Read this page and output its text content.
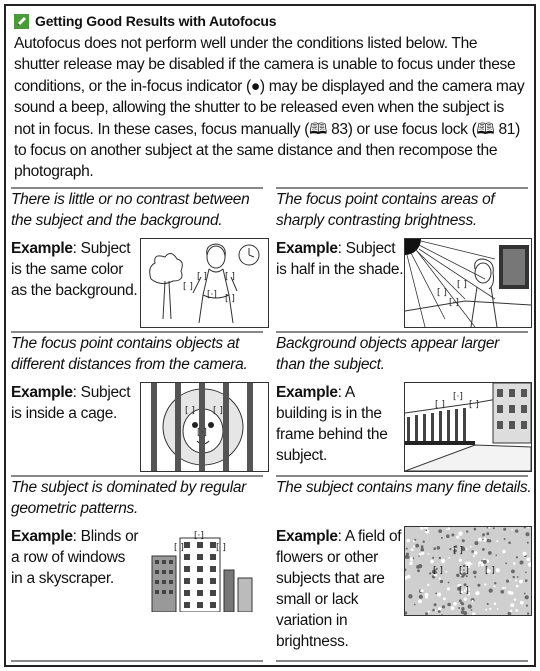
Getting Good Results with Autofocus
Autofocus does not perform well under the conditions listed below. The shutter release may be disabled if the camera is unable to focus under these conditions, or the in-focus indicator (●) may be displayed and the camera may sound a beep, allowing the shutter to be released even when the subject is not in focus. In these cases, focus manually (🕮 83) or use focus lock (🕮 81) to focus on another subject at the same distance and then recompose the photograph.
There is little or no contrast between the subject and the background.
Example: Subject is the same color as the background.	[ ]
[ ]
[·]
[ ]
[ ]
The focus point contains areas of sharply contrasting brightness.
Example: Subject is half in the shade.
[ ]
[·]
[ ]
The focus point contains objects at different distances from the camera.
Example: Subject is inside a cage.	[ ]
[·]
[ ]
Background objects appear larger than the subject.
Example: A building is in the frame behind the subject.
[ ]
[·]
[ ]
The subject is dominated by regular geometric patterns.
Example: Blinds or a row of windows in a skyscraper.
[·]
[ ]	[ ]
The subject contains many fine details.
Example: A field of flowers or other subjects that are small or lack variation in brightness.
[ ]
[ ] [·] [ ]
[ ]
